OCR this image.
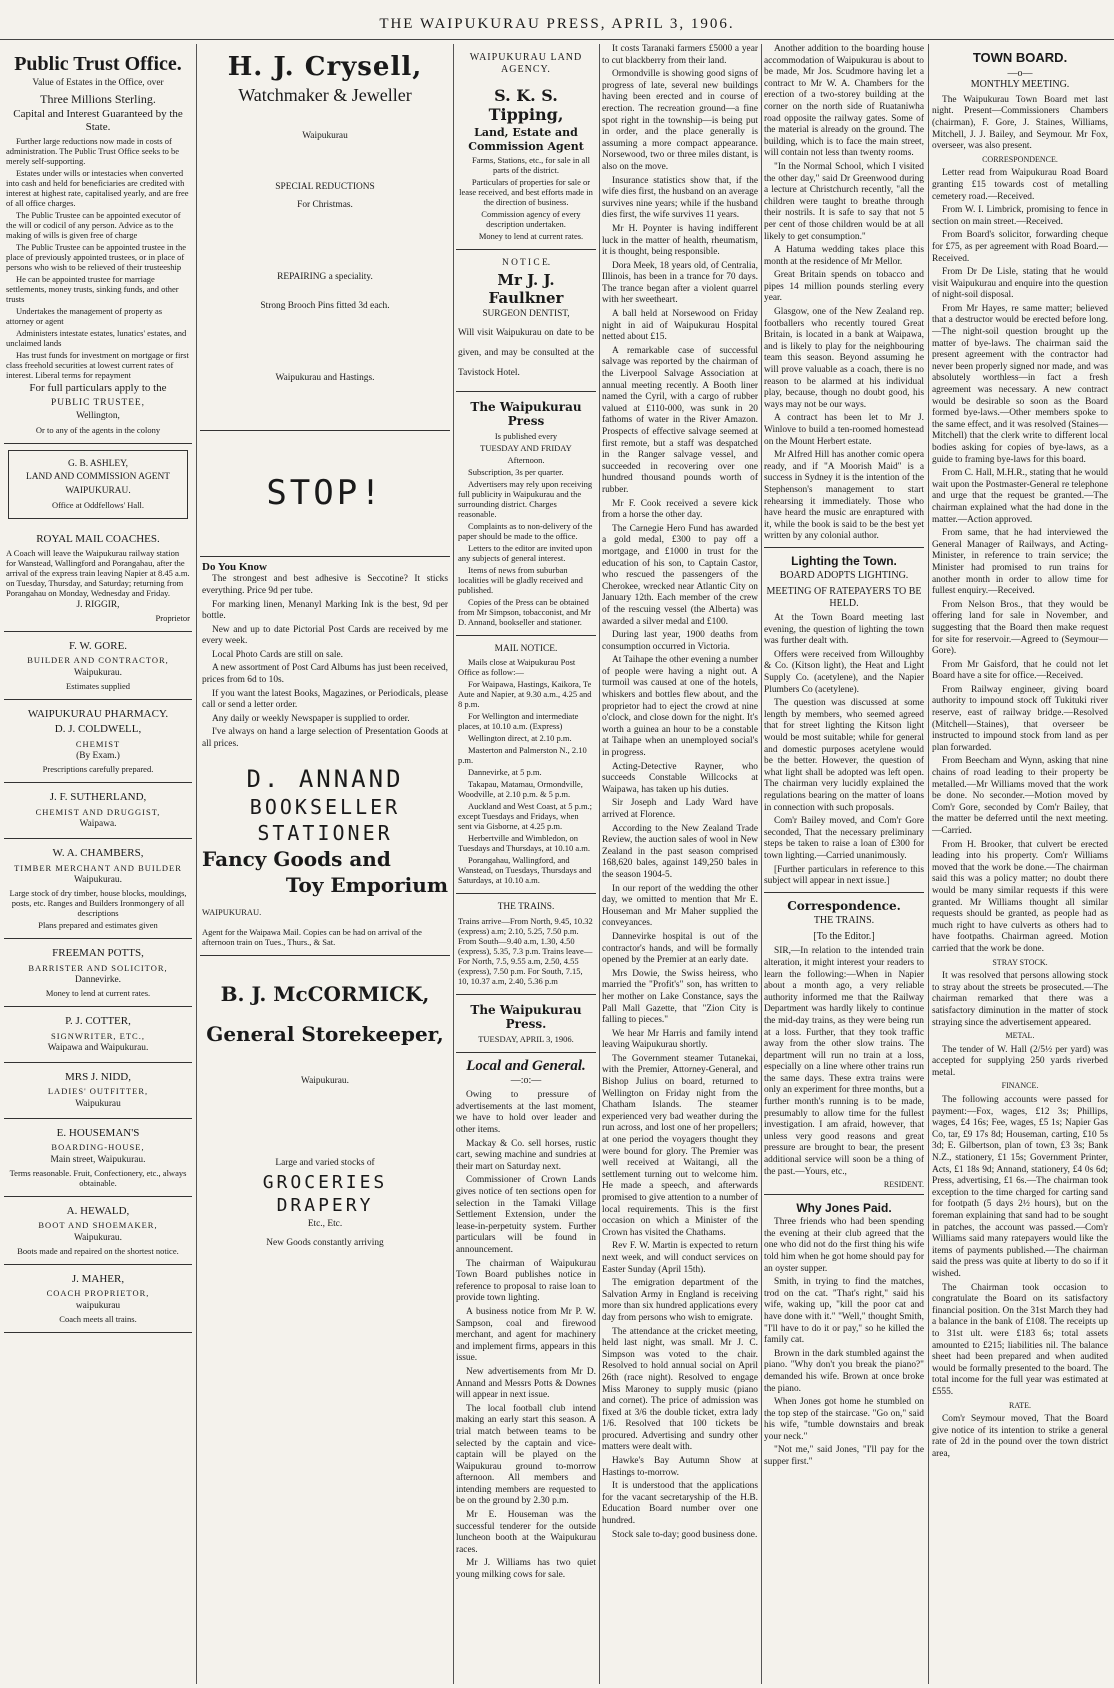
THE WAIPUKURAU PRESS, APRIL 3, 1906.
Public Trust Office.
Value of Estates in the Office, over
Three Millions Sterling.
Capital and Interest Guaranteed by the State.

Further large reductions now made in costs of administration. The Public Trust Office seeks to be merely self-supporting.

Estates under wills or intestacies when converted into cash and held for beneficiaries are credited with interest at highest rate, capitalised yearly, and are free of all office charges.

The Public Trustee can be appointed executor of the will or codicil of any person. Advice as to the making of wills is given free of charge

The Public Trustee can be appointed trustee in the place of previously appointed trustees, or in place of persons who wish to be relieved of their trusteeship

He can be appointed trustee for marriage settlements, money trusts, sinking funds, and other trusts

Undertakes the management of property as attorney or agent

Administers intestate estates, lunatics' estates, and unclaimed lands

Has trust funds for investment on mortgage or first class freehold securities at lowest current rates of interest. Liberal terms for repayment

For full particulars apply to the
PUBLIC TRUSTEE,
Wellington,
Or to any of the agents in the colony
G. B. ASHLEY,
LAND AND COMMISSION AGENT
WAIPUKURAU.
Office at Oddfellows' Hall.
ROYAL MAIL COACHES.
A Coach will leave the Waipukurau railway station for Wanstead, Wallingford and Porangahau, after the arrival of the express train leaving Napier at 8.45 a.m. on Tuesday, Thursday, and Saturday; returning from Porangahau on Monday, Wednesday and Friday.
J. RIGGIR,
Proprietor
F. W. GORE.
BUILDER AND CONTRACTOR,
Waipukurau.
Estimates supplied
WAIPUKURAU PHARMACY.
D. J. COLDWELL,
CHEMIST
(By Exam.)
Prescriptions carefully prepared.
J. F. SUTHERLAND,
CHEMIST AND DRUGGIST,
Waipawa.
W. A. CHAMBERS,
TIMBER MERCHANT AND BUILDER
Waipukurau.
Large stock of dry timber, house blocks, mouldings, posts, etc. Ranges and Builders Ironmongery of all descriptions
Plans prepared and estimates given
FREEMAN POTTS,
BARRISTER AND SOLICITOR,
Dannevirke.
Money to lend at current rates.
P. J. COTTER,
SIGNWRITER, ETC.,
Waipawa and Waipukurau.
MRS J. NIDD,
LADIES' OUTFITTER,
Waipukurau
E. HOUSEMAN'S
BOARDING-HOUSE,
Main street, Waipukurau.
Terms reasonable. Fruit, Confectionery, etc., always obtainable.
A. HEWALD,
BOOT AND SHOEMAKER,
Waipukurau.
Boots made and repaired on the shortest notice.
J. MAHER,
COACH PROPRIETOR,
waipukurau
Coach meets all trains.
H. J. Crysell,
Watchmaker & Jeweller
Waipukurau
SPECIAL REDUCTIONS
For Christmas.
REPAIRING a speciality.
Strong Brooch Pins fitted 3d each.
Waipukurau and Hastings.
STOP!
Do You Know

The strongest and best adhesive is Seccotine? It sticks everything. Price 9d per tube.

For marking linen, Menanyl Marking Ink is the best, 9d per bottle.

New and up to date Pictorial Post Cards are received by me every week.

Local Photo Cards are still on sale.

A new assortment of Post Card Albums has just been received, prices from 6d to 10s.

If you want the latest Books, Magazines, or Periodicals, please call or send a letter order.

Any daily or weekly Newspaper is supplied to order.

I've always on hand a large selection of Presentation Goods at all prices.

D. ANNAND
BOOKSELLER
STATIONER
Fancy Goods and
Toy Emporium
WAIPUKURAU.
Agent for the Waipawa Mail. Copies can be had on arrival of the afternoon train on Tues., Thurs., & Sat.
B. J. McCORMICK,
General Storekeeper,
Waipukurau.
Large and varied stocks of
GROCERIES
DRAPERY
Etc., Etc.
New Goods constantly arriving
WAIPUKURAU LAND AGENCY.
S. K. S. Tipping,
Land, Estate and Commission Agent

Farms, Stations, etc., for sale in all parts of the district.

Particulars of properties for sale or lease received, and best efforts made in the direction of business.

Commission agency of every description undertaken.

Money to lend at current rates.

N O T I C E.
Mr J. J. Faulkner
SURGEON DENTIST,
Will visit Waipukurau on date to be given, and may be consulted at the Tavistock Hotel.
The Waipukurau Press
Is published every
TUESDAY AND FRIDAY
Afternoon.

Subscription, 3s per quarter.

Advertisers may rely upon receiving full publicity in Waipukurau and the surrounding district. Charges reasonable.

Complaints as to non-delivery of the paper should be made to the office.

Letters to the editor are invited upon any subjects of general interest.

Items of news from suburban localities will be gladly received and published.

Copies of the Press can be obtained from Mr Simpson, tobacconist, and Mr D. Annand, bookseller and stationer.

MAIL NOTICE.

Mails close at Waipukurau Post Office as follow:—

For Waipawa, Hastings, Kaikora, Te Aute and Napier, at 9.30 a.m., 4.25 and 8 p.m.

For Wellington and intermediate places, at 10.10 a.m. (Express)

Wellington direct, at 2.10 p.m.

Masterton and Palmerston N., 2.10 p.m.

Dannevirke, at 5 p.m.

Takapau, Matamau, Ormondville, Woodville, at 2.10 p.m. & 5 p.m.

Auckland and West Coast, at 5 p.m.; except Tuesdays and Fridays, when sent via Gisborne, at 4.25 p.m.

Herbertville and Wimbledon, on Tuesdays and Thursdays, at 10.10 a.m.

Porangahau, Wallingford, and Wanstead, on Tuesdays, Thursdays and Saturdays, at 10.10 a.m.

THE TRAINS.
Trains arrive—From North, 9.45, 10.32 (express) a.m; 2.10, 5.25, 7.50 p.m. From South—9.40 a.m, 1.30, 4.50 (express), 5.35, 7.3 p.m. Trains leave—For North, 7.5, 9.55 a.m, 2.50, 4.55 (express), 7.50 p.m. For South, 7.15, 10, 10.37 a.m, 2.40, 5.36 p.m
The Waipukurau Press.
TUESDAY, APRIL 3, 1906.
Local and General.
—:o:—

Owing to pressure of advertisements at the last moment, we have to hold over leader and other items.

Mackay & Co. sell horses, rustic cart, sewing machine and sundries at their mart on Saturday next.

Commissioner of Crown Lands gives notice of ten sections open for selection in the Tamaki Village Settlement Extension, under the lease-in-perpetuity system. Further particulars will be found in announcement.

The chairman of Waipukurau Town Board publishes notice in reference to proposal to raise loan to provide town lighting.

A business notice from Mr P. W. Sampson, coal and firewood merchant, and agent for machinery and implement firms, appears in this issue.

New advertisements from Mr D. Annand and Messrs Potts & Downes will appear in next issue.

The local football club intend making an early start this season. A trial match between teams to be selected by the captain and vice-captain will be played on the Waipukurau ground to-morrow afternoon. All members and intending members are requested to be on the ground by 2.30 p.m.

Mr E. Houseman was the successful tenderer for the outside luncheon booth at the Waipukurau races.

Mr J. Williams has two quiet young milking cows for sale.

It costs Taranaki farmers £5000 a year to cut blackberry from their land.

Ormondville is showing good signs of progress of late, several new buildings having been erected and in course of erection. The recreation ground—a fine spot right in the township—is being put in order, and the place generally is assuming a more compact appearance. Norsewood, two or three miles distant, is also on the move.

Insurance statistics show that, if the wife dies first, the husband on an average survives nine years; while if the husband dies first, the wife survives 11 years.

Mr H. Poynter is having indifferent luck in the matter of health, rheumatism, it is thought, being responsible.

Dora Meek, 18 years old, of Centralia, Illinois, has been in a trance for 70 days. The trance began after a violent quarrel with her sweetheart.

A ball held at Norsewood on Friday night in aid of Waipukurau Hospital netted about £15.

A remarkable case of successful salvage was reported by the chairman of the Liverpool Salvage Association at annual meeting recently. A Booth liner named the Cyril, with a cargo of rubber valued at £110-000, was sunk in 20 fathoms of water in the River Amazon. Prospects of effective salvage seemed at first remote, but a staff was despatched in the Ranger salvage vessel, and succeeded in recovering over one hundred thousand pounds worth of rubber.

Mr F. Cook received a severe kick from a horse the other day.

The Carnegie Hero Fund has awarded a gold medal, £300 to pay off a mortgage, and £1000 in trust for the education of his son, to Captain Castor, who rescued the passengers of the Cherokee, wrecked near Atlantic City on January 12th. Each member of the crew of the rescuing vessel (the Alberta) was awarded a silver medal and £100.

During last year, 1900 deaths from consumption occurred in Victoria.

At Taihape the other evening a number of people were having a night out. A turmoil was caused at one of the hotels, whiskers and bottles flew about, and the proprietor had to eject the crowd at nine o'clock, and close down for the night. It's worth a guinea an hour to be a constable at Taihape when an unemployed social's in progress.

Acting-Detective Rayner, who succeeds Constable Willcocks at Waipawa, has taken up his duties.

Sir Joseph and Lady Ward have arrived at Florence.

According to the New Zealand Trade Review, the auction sales of wool in New Zealand in the past season comprised 168,620 bales, against 149,250 bales in the season 1904-5.

In our report of the wedding the other day, we omitted to mention that Mr E. Houseman and Mr Maher supplied the conveyances.

Dannevirke hospital is out of the contractor's hands, and will be formally opened by the Premier at an early date.

Mrs Dowie, the Swiss heiress, who married the "Profit's" son, has written to her mother on Lake Constance, says the Pall Mall Gazette, that "Zion City is falling to pieces."

We hear Mr Harris and family intend leaving Waipukurau shortly.

The Government steamer Tutanekai, with the Premier, Attorney-General, and Bishop Julius on board, returned to Wellington on Friday night from the Chatham Islands. The steamer experienced very bad weather during the run across, and lost one of her propellers; at one period the voyagers thought they were bound for glory. The Premier was well received at Waitangi, all the settlement turning out to welcome him. He made a speech, and afterwards promised to give attention to a number of local requirements. This is the first occasion on which a Minister of the Crown has visited the Chathams.

Rev F. W. Martin is expected to return next week, and will conduct services on Easter Sunday (April 15th).

The emigration department of the Salvation Army in England is receiving more than six hundred applications every day from persons who wish to emigrate.

The attendance at the cricket meeting, held last night, was small. Mr J. C. Simpson was voted to the chair. Resolved to hold annual social on April 26th (race night). Resolved to engage Miss Maroney to supply music (piano and cornet). The price of admission was fixed at 3/6 the double ticket, extra lady 1/6. Resolved that 100 tickets be procured. Advertising and sundry other matters were dealt with.

Hawke's Bay Autumn Show at Hastings to-morrow.

It is understood that the applications for the vacant secretaryship of the H.B. Education Board number over one hundred.

Stock sale to-day; good business done.

Another addition to the boarding house accommodation of Waipukurau is about to be made, Mr Jos. Scudmore having let a contract to Mr W. A. Chambers for the erection of a two-storey building at the corner on the north side of Ruataniwha road opposite the railway gates. Some of the material is already on the ground. The building, which is to face the main street, will contain not less than twenty rooms.

"In the Normal School, which I visited the other day," said Dr Greenwood during a lecture at Christchurch recently, "all the children were taught to breathe through their nostrils. It is safe to say that not 5 per cent of those children would be at all likely to get consumption."

A Hatuma wedding takes place this month at the residence of Mr Mellor.

Great Britain spends on tobacco and pipes 14 million pounds sterling every year.

Glasgow, one of the New Zealand rep. footballers who recently toured Great Britain, is located in a bank at Waipawa, and is likely to play for the neighbouring team this season. Beyond assuming he will prove valuable as a coach, there is no reason to be alarmed at his individual play, because, though no doubt good, his ways may not be our ways.

A contract has been let to Mr J. Winlove to build a ten-roomed homestead on the Mount Herbert estate.

Mr Alfred Hill has another comic opera ready, and if "A Moorish Maid" is a success in Sydney it is the intention of the Stephenson's management to start rehearsing it immediately. Those who have heard the music are enraptured with it, while the book is said to be the best yet written by any colonial author.

Lighting the Town.
BOARD ADOPTS LIGHTING.
MEETING OF RATEPAYERS TO BE HELD.

At the Town Board meeting last evening, the question of lighting the town was further dealt with.

Offers were received from Willoughby & Co. (Kitson light), the Heat and Light Supply Co. (acetylene), and the Napier Plumbers Co (acetylene).

The question was discussed at some length by members, who seemed agreed that for street lighting the Kitson light would be most suitable; while for general and domestic purposes acetylene would be the better. However, the question of what light shall be adopted was left open. The chairman very lucidly explained the regulations bearing on the matter of loans in connection with such proposals.

Com'r Bailey moved, and Com'r Gore seconded, That the necessary preliminary steps be taken to raise a loan of £300 for town lighting.—Carried unanimously.

[Further particulars in reference to this subject will appear in next issue.]

Correspondence.
THE TRAINS.
[To the Editor.]

SIR,—In relation to the intended train alteration, it might interest your readers to learn the following:—When in Napier about a month ago, a very reliable authority informed me that the Railway Department was hardly likely to continue the mid-day trains, as they were being run at a loss. Further, that they took traffic away from the other slow trains. The department will run no train at a loss, especially on a line where other trains run the same days. These extra trains were only an experiment for three months, but a further month's running is to be made, presumably to allow time for the fullest investigation. I am afraid, however, that unless very good reasons and great pressure are brought to bear, the present additional service will soon be a thing of the past.—Yours, etc.,

RESIDENT.
Why Jones Paid.

Three friends who had been spending the evening at their club agreed that the one who did not do the first thing his wife told him when he got home should pay for an oyster supper.

Smith, in trying to find the matches, trod on the cat. "That's right," said his wife, waking up, "kill the poor cat and have done with it." "Well," thought Smith, "I'll have to do it or pay," so he killed the family cat.

Brown in the dark stumbled against the piano. "Why don't you break the piano?" demanded his wife. Brown at once broke the piano.

When Jones got home he stumbled on the top step of the staircase. "Go on," said his wife, "tumble downstairs and break your neck."

"Not me," said Jones, "I'll pay for the supper first."

TOWN BOARD.
—o—
MONTHLY MEETING.

The Waipukurau Town Board met last night. Present—Commissioners Chambers (chairman), F. Gore, J. Staines, Williams, Mitchell, J. J. Bailey, and Seymour. Mr Fox, overseer, was also present.

CORRESPONDENCE.

Letter read from Waipukurau Road Board granting £15 towards cost of metalling cemetery road.—Received.

From W. I. Limbrick, promising to fence in section on main street.—Received.

From Board's solicitor, forwarding cheque for £75, as per agreement with Road Board.—Received.

From Dr De Lisle, stating that he would visit Waipukurau and enquire into the question of night-soil disposal.

From Mr Hayes, re same matter; believed that a destructor would be erected before long.—The night-soil question brought up the matter of bye-laws. The chairman said the present agreement with the contractor had never been properly signed nor made, and was absolutely worthless—in fact a fresh agreement was necessary. A new contract would be desirable so soon as the Board formed bye-laws.—Other members spoke to the same effect, and it was resolved (Staines—Mitchell) that the clerk write to different local bodies asking for copies of bye-laws, as a guide to framing bye-laws for this board.

From C. Hall, M.H.R., stating that he would wait upon the Postmaster-General re telephone and urge that the request be granted.—The chairman explained what the had done in the matter.—Action approved.

From same, that he had interviewed the General Manager of Railways, and Acting-Minister, in reference to train service; the Minister had promised to run trains for another month in order to allow time for fullest enquiry.—Received.

From Nelson Bros., that they would be offering land for sale in November, and suggesting that the Board then make request for site for reservoir.—Agreed to (Seymour—Gore).

From Mr Gaisford, that he could not let Board have a site for office.—Received.

From Railway engineer, giving board authority to impound stock off Tukituki river reserve, east of railway bridge.—Resolved (Mitchell—Staines), that overseer be instructed to impound stock from land as per plan forwarded.

From Beecham and Wynn, asking that nine chains of road leading to their property be metalled.—Mr Williams moved that the work be done. No seconder.—Motion moved by Com'r Gore, seconded by Com'r Bailey, that the matter be deferred until the next meeting.—Carried.

From H. Brooker, that culvert be erected leading into his property. Com'r Williams moved that the work be done.—The chairman said this was a policy matter; no doubt there would be many similar requests if this were granted. Mr Williams thought all similar requests should be granted, as people had as much right to have culverts as others had to have footpaths. Chairman agreed. Motion carried that the work be done.

STRAY STOCK.

It was resolved that persons allowing stock to stray about the streets be prosecuted.—The chairman remarked that there was a satisfactory diminution in the matter of stock straying since the advertisement appeared.

METAL.

The tender of W. Hall (2/5½ per yard) was accepted for supplying 250 yards riverbed metal.

FINANCE.

The following accounts were passed for payment:—Fox, wages, £12 3s; Phillips, wages, £4 16s; Fee, wages, £5 1s; Napier Gas Co, tar, £9 17s 8d; Houseman, carting, £10 5s 3d; E. Gilbertson, plan of town, £3 3s; Bank N.Z., stationery, £1 15s; Government Printer, Acts, £1 18s 9d; Annand, stationery, £4 0s 6d; Press, advertising, £1 6s.—The chairman took exception to the time charged for carting sand for footpath (5 days 2½ hours), but on the foreman explaining that sand had to be sought in patches, the account was passed.—Com'r Williams said many ratepayers would like the items of payments published.—The chairman said the press was quite at liberty to do so if it wished.

The Chairman took occasion to congratulate the Board on its satisfactory financial position. On the 31st March they had a balance in the bank of £108. The receipts up to 31st ult. were £183 6s; total assets amounted to £215; liabilities nil. The balance sheet had been prepared and when audited would be formally presented to the board. The total income for the full year was estimated at £555.

RATE.

Com'r Seymour moved, That the Board give notice of its intention to strike a general rate of 2d in the pound over the town district area,
